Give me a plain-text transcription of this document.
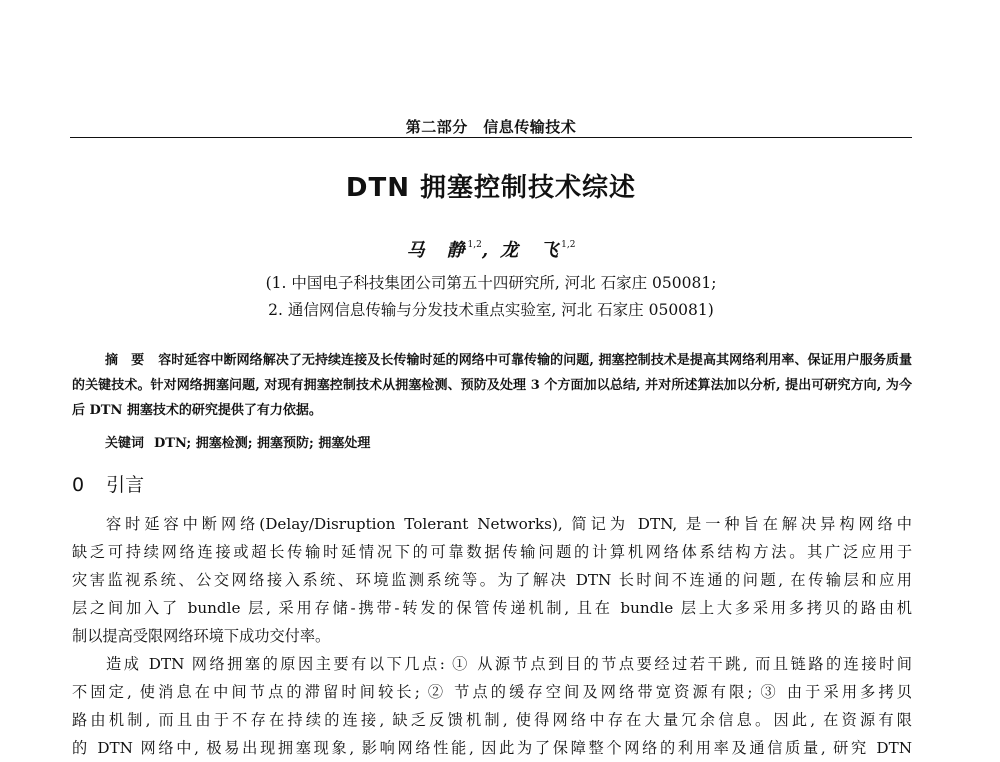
第二部分　信息传输技术
DTN 拥塞控制技术综述
马　静$^{1,2}$, 龙　飞$^{1,2}$
(1. 中国电子科技集团公司第五十四研究所, 河北 石家庄 050081;
2. 通信网信息传输与分发技术重点实验室, 河北 石家庄 050081)
摘　要 容时延容中断网络解决了无持续连接及长传输时延的网络中可靠传输的问题, 拥塞控制技术是提高其网络利用率、保证用户服务质量的关键技术。针对网络拥塞问题, 对现有拥塞控制技术从拥塞检测、预防及处理 3 个方面加以总结, 并对所述算法加以分析, 提出可研究方向, 为今后 DTN 拥塞技术的研究提供了有力依据。
关键词 DTN; 拥塞检测; 拥塞预防; 拥塞处理
0 引言
容时延容中断网络(Delay/Disruption Tolerant Networks), 简记为 DTN, 是一种旨在解决异构网络中
缺乏可持续网络连接或超长传输时延情况下的可靠数据传输问题的计算机网络体系结构方法。其广泛应用于
灾害监视系统、公交网络接入系统、环境监测系统等。为了解决 DTN 长时间不连通的问题, 在传输层和应用
层之间加入了 bundle 层, 采用存储-携带-转发的保管传递机制, 且在 bundle 层上大多采用多拷贝的路由机
制以提高受限网络环境下成功交付率。
造成 DTN 网络拥塞的原因主要有以下几点: ① 从源节点到目的节点要经过若干跳, 而且链路的连接时间
不固定, 使消息在中间节点的滞留时间较长; ② 节点的缓存空间及网络带宽资源有限; ③ 由于采用多拷贝
路由机制, 而且由于不存在持续的连接, 缺乏反馈机制, 使得网络中存在大量冗余信息。因此, 在资源有限
的 DTN 网络中, 极易出现拥塞现象, 影响网络性能, 因此为了保障整个网络的利用率及通信质量, 研究 DTN
